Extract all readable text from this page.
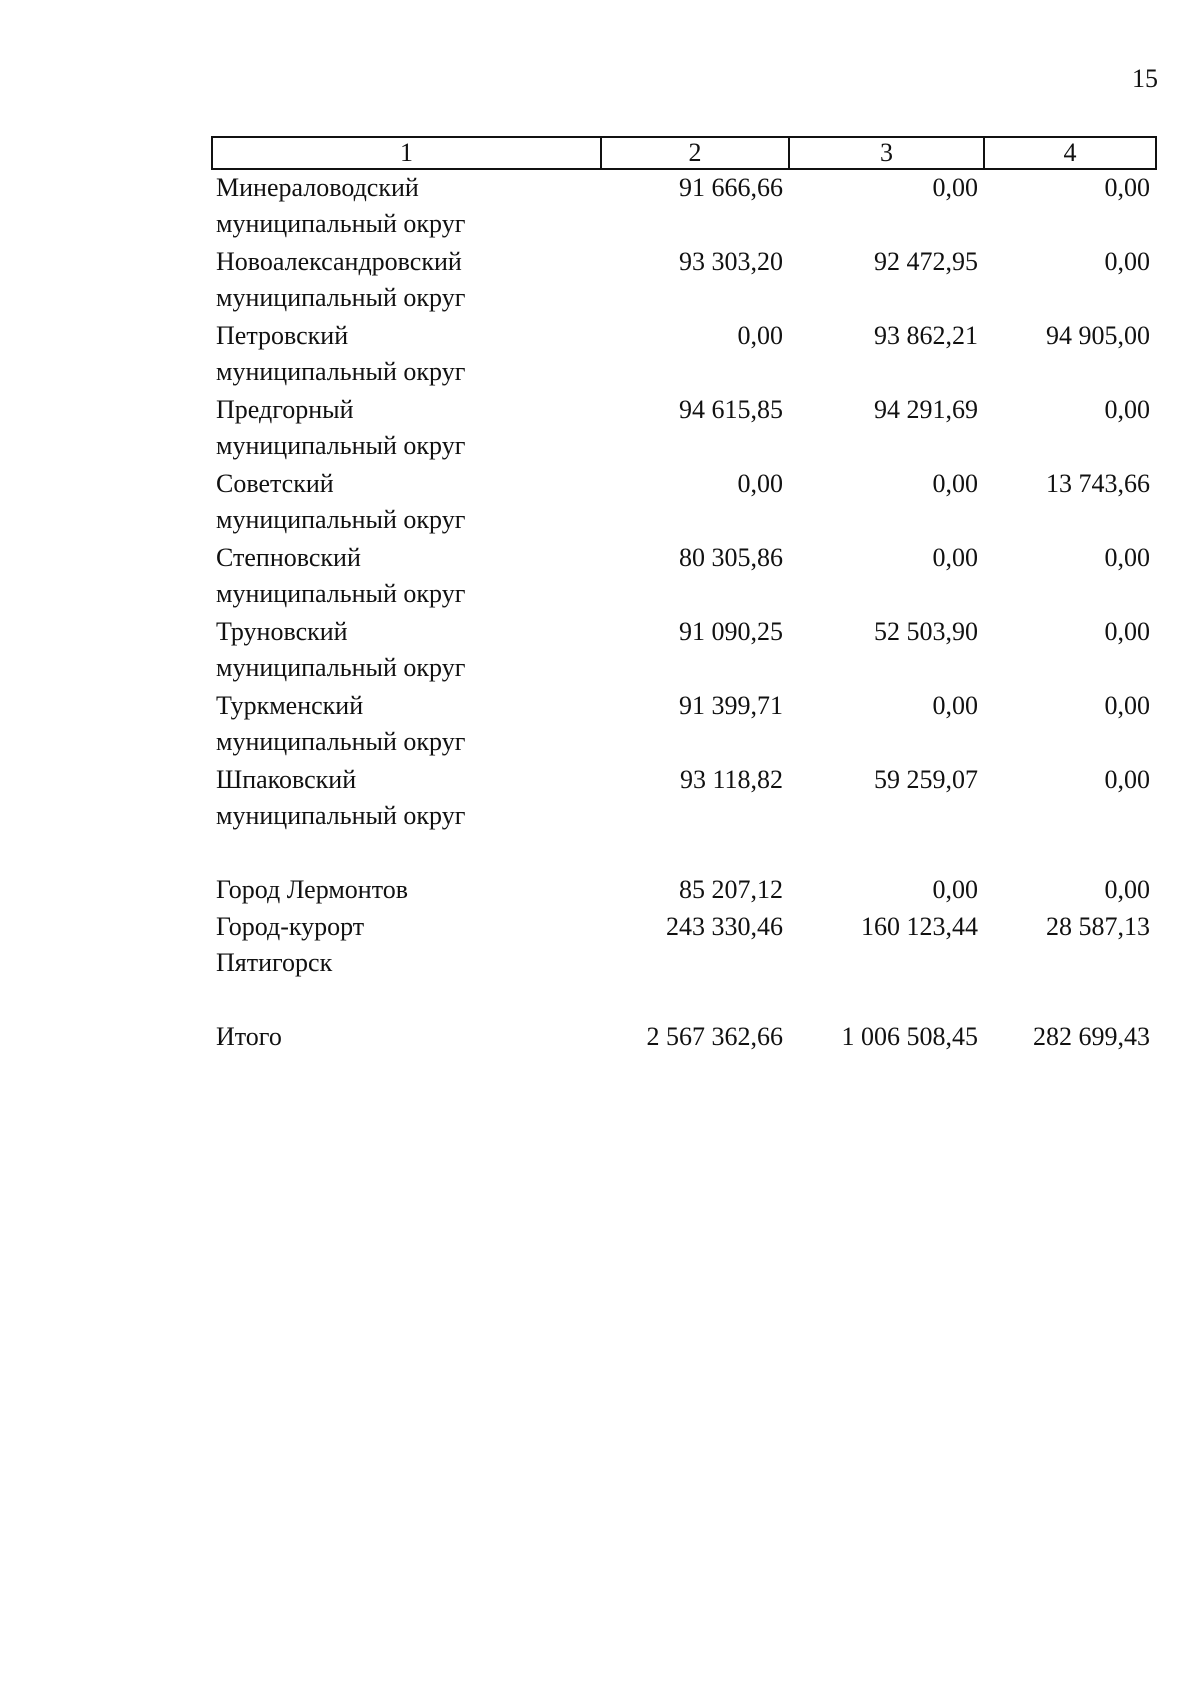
15
1	2	3	4
Минераловодский
муниципальный округ	91 666,66	0,00	0,00
Новоалександровский
муниципальный округ	93 303,20	92 472,95	0,00
Петровский
муниципальный округ	0,00	93 862,21	94 905,00
Предгорный
муниципальный округ	94 615,85	94 291,69	0,00
Советский
муниципальный округ	0,00	0,00	13 743,66
Степновский
муниципальный округ	80 305,86	0,00	0,00
Труновский
муниципальный округ	91 090,25	52 503,90	0,00
Туркменский
муниципальный округ	91 399,71	0,00	0,00
Шпаковский
муниципальный округ	93 118,82	59 259,07	0,00

Город Лермонтов	85 207,12	0,00	0,00
Город-курорт
Пятигорск	243 330,46	160 123,44	28 587,13

Итого	2 567 362,66	1 006 508,45	282 699,43
